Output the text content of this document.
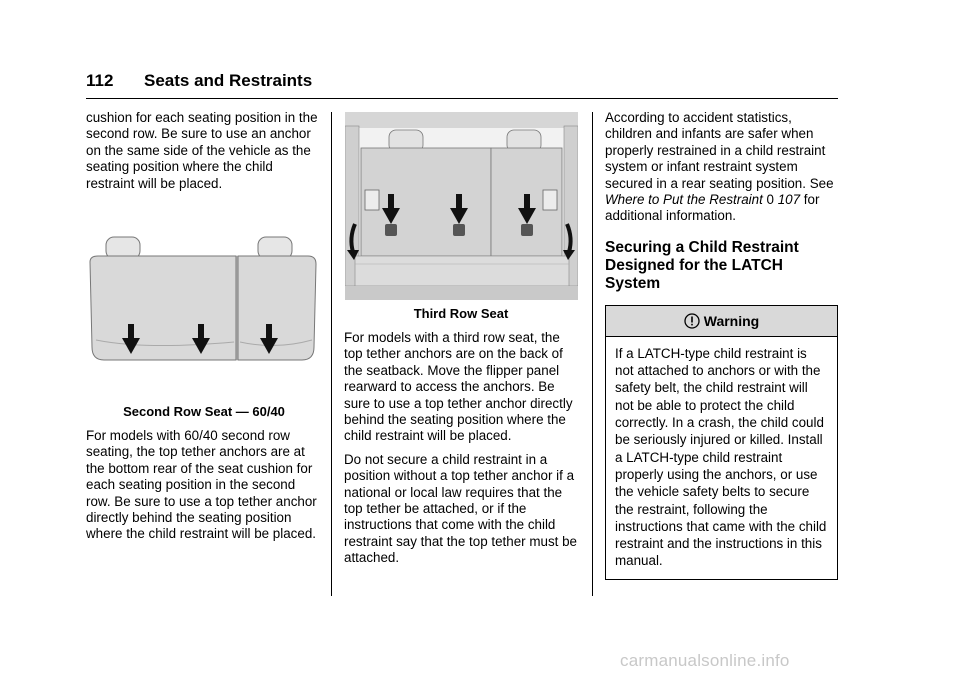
112 Seats and Restraints

cushion for each seating position in the second row. Be sure to use an anchor on the same side of the vehicle as the seating position where the child restraint will be placed.

Second Row Seat — 60/40

For models with 60/40 second row seating, the top tether anchors are at the bottom rear of the seat cushion for each seating position in the second row. Be sure to use a top tether anchor directly behind the seating position where the child restraint will be placed.

Third Row Seat

For models with a third row seat, the top tether anchors are on the back of the seatback. Move the flipper panel rearward to access the anchors. Be sure to use a top tether anchor directly behind the seating position where the child restraint will be placed.

Do not secure a child restraint in a position without a top tether anchor if a national or local law requires that the top tether be attached, or if the instructions that come with the child restraint say that the top tether must be attached.

According to accident statistics, children and infants are safer when properly restrained in a child restraint system or infant restraint system secured in a rear seating position. See Where to Put the Restraint 0 107 for additional information.

Securing a Child Restraint Designed for the LATCH System
Warning
If a LATCH-type child restraint is not attached to anchors or with the safety belt, the child restraint will not be able to protect the child correctly. In a crash, the child could be seriously injured or killed. Install a LATCH-type child restraint properly using the anchors, or use the vehicle safety belts to secure the restraint, following the instructions that came with the child restraint and the instructions in this manual.
carmanualsonline.info
